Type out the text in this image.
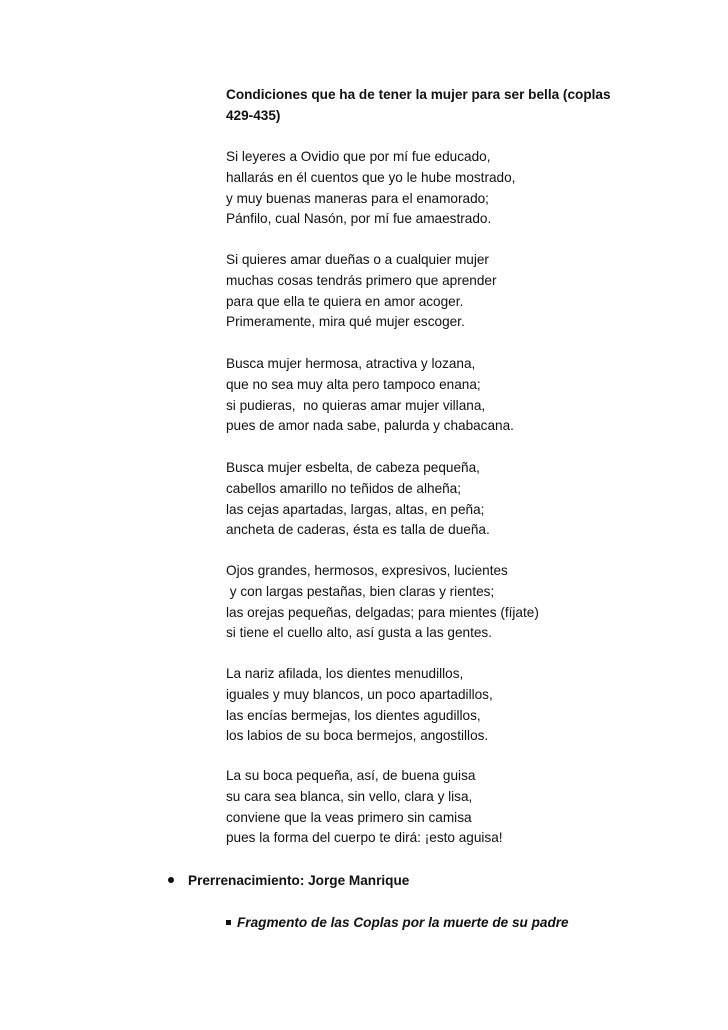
Condiciones que ha de tener la mujer para ser bella (coplas 429-435)
Si leyeres a Ovidio que por mí fue educado,
hallarás en él cuentos que yo le hube mostrado,
y muy buenas maneras para el enamorado;
Pánfilo, cual Nasón, por mí fue amaestrado.
Si quieres amar dueñas o a cualquier mujer
muchas cosas tendrás primero que aprender
para que ella te quiera en amor acoger.
Primeramente, mira qué mujer escoger.
Busca mujer hermosa, atractiva y lozana,
que no sea muy alta pero tampoco enana;
si pudieras,  no quieras amar mujer villana,
pues de amor nada sabe, palurda y chabacana.
Busca mujer esbelta, de cabeza pequeña,
cabellos amarillo no teñidos de alheña;
las cejas apartadas, largas, altas, en peña;
ancheta de caderas, ésta es talla de dueña.
Ojos grandes, hermosos, expresivos, lucientes
y con largas pestañas, bien claras y rientes;
las orejas pequeñas, delgadas; para mientes (fíjate)
si tiene el cuello alto, así gusta a las gentes.
La nariz afilada, los dientes menudillos,
iguales y muy blancos, un poco apartadillos,
las encías bermejas, los dientes agudillos,
los labios de su boca bermejos, angostillos.
La su boca pequeña, así, de buena guisa
su cara sea blanca, sin vello, clara y lisa,
conviene que la veas primero sin camisa
pues la forma del cuerpo te dirá: ¡esto aguisa!
Prerrenacimiento: Jorge Manrique
Fragmento de las Coplas por la muerte de su padre
